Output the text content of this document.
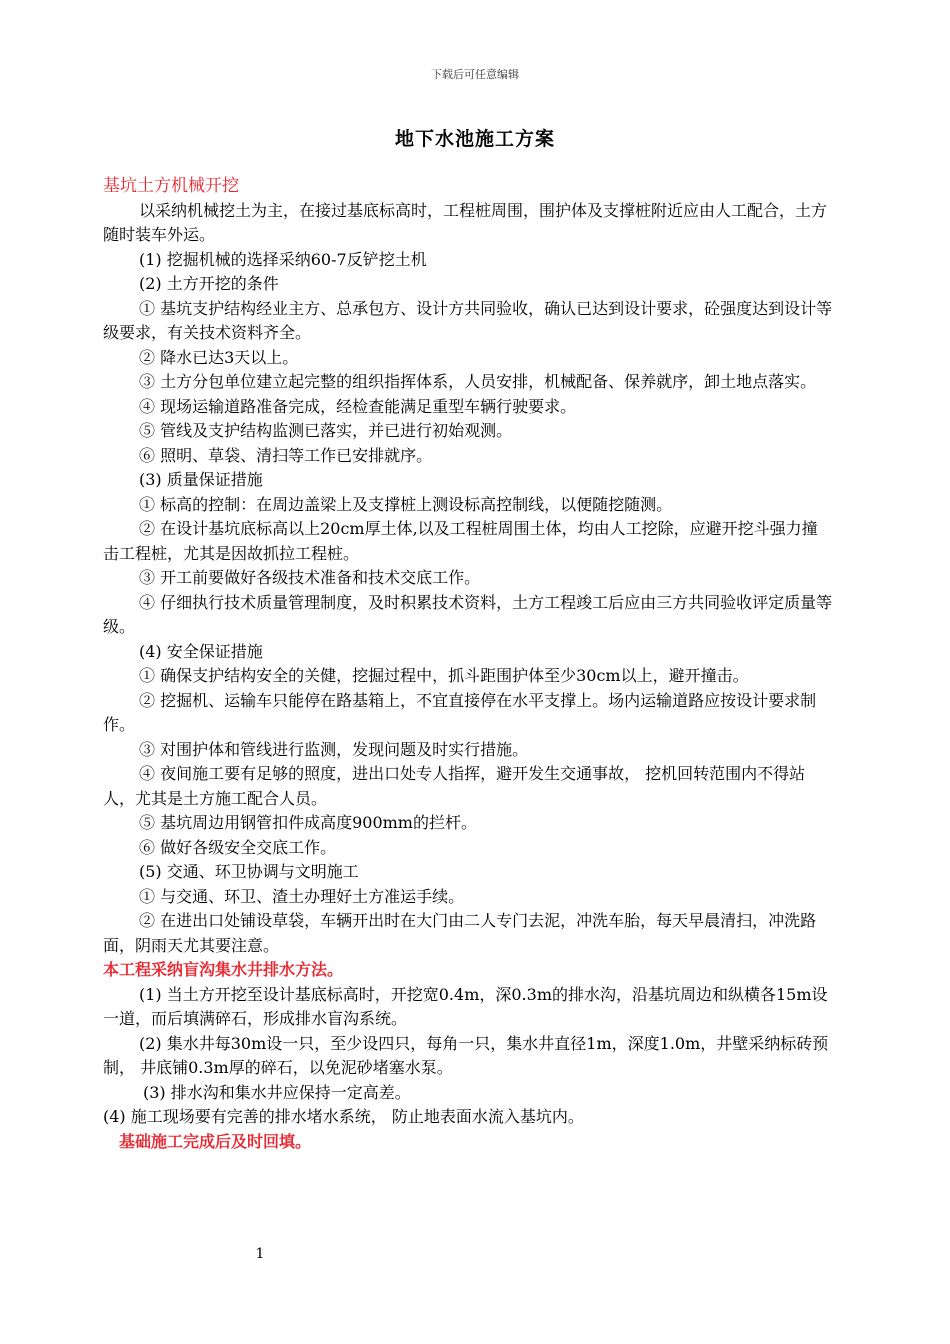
下载后可任意编辑
地下水池施工方案

基坑土方机械开挖

以采纳机械挖土为主，在接过基底标高时，工程桩周围，围护体及支撑桩附近应由人工配合，土方随时装车外运。

(1) 挖掘机械的选择采纳60-7反铲挖土机

(2) 土方开挖的条件

① 基坑支护结构经业主方、总承包方、设计方共同验收，确认已达到设计要求，砼强度达到设计等级要求，有关技术资料齐全。

② 降水已达3天以上。

③ 土方分包单位建立起完整的组织指挥体系，人员安排，机械配备、保养就序，卸土地点落实。

④ 现场运输道路准备完成，经检查能满足重型车辆行驶要求。

⑤ 管线及支护结构监测已落实，并已进行初始观测。

⑥ 照明、草袋、清扫等工作已安排就序。

(3) 质量保证措施

① 标高的控制：在周边盖梁上及支撑桩上测设标高控制线，以便随挖随测。

② 在设计基坑底标高以上20cm厚土体,以及工程桩周围土体，均由人工挖除，应避开挖斗强力撞击工程桩，尤其是因故抓拉工程桩。

③ 开工前要做好各级技术准备和技术交底工作。

④ 仔细执行技术质量管理制度，及时积累技术资料，土方工程竣工后应由三方共同验收评定质量等级。

(4) 安全保证措施

① 确保支护结构安全的关健，挖掘过程中，抓斗距围护体至少30cm以上，避开撞击。

② 挖掘机、运输车只能停在路基箱上，不宜直接停在水平支撑上。场内运输道路应按设计要求制作。

③ 对围护体和管线进行监测，发现问题及时实行措施。

④ 夜间施工要有足够的照度，进出口处专人指挥，避开发生交通事故， 挖机回转范围内不得站人，尤其是土方施工配合人员。

⑤ 基坑周边用钢管扣件成高度900mm的拦杆。

⑥ 做好各级安全交底工作。

(5) 交通、环卫协调与文明施工

① 与交通、环卫、渣土办理好土方准运手续。

② 在进出口处铺设草袋，车辆开出时在大门由二人专门去泥，冲洗车胎，每天早晨清扫，冲洗路面，阴雨天尤其要注意。

本工程采纳盲沟集水井排水方法。

(1) 当土方开挖至设计基底标高时，开挖宽0.4m，深0.3m的排水沟，沿基坑周边和纵横各15m设一道，而后填满碎石，形成排水盲沟系统。

(2) 集水井每30m设一只，至少设四只，每角一只，集水井直径1m，深度1.0m，井壁采纳标砖预制， 井底铺0.3m厚的碎石，以免泥砂堵塞水泵。

(3) 排水沟和集水井应保持一定高差。

(4) 施工现场要有完善的排水堵水系统， 防止地表面水流入基坑内。

基础施工完成后及时回填。

1
